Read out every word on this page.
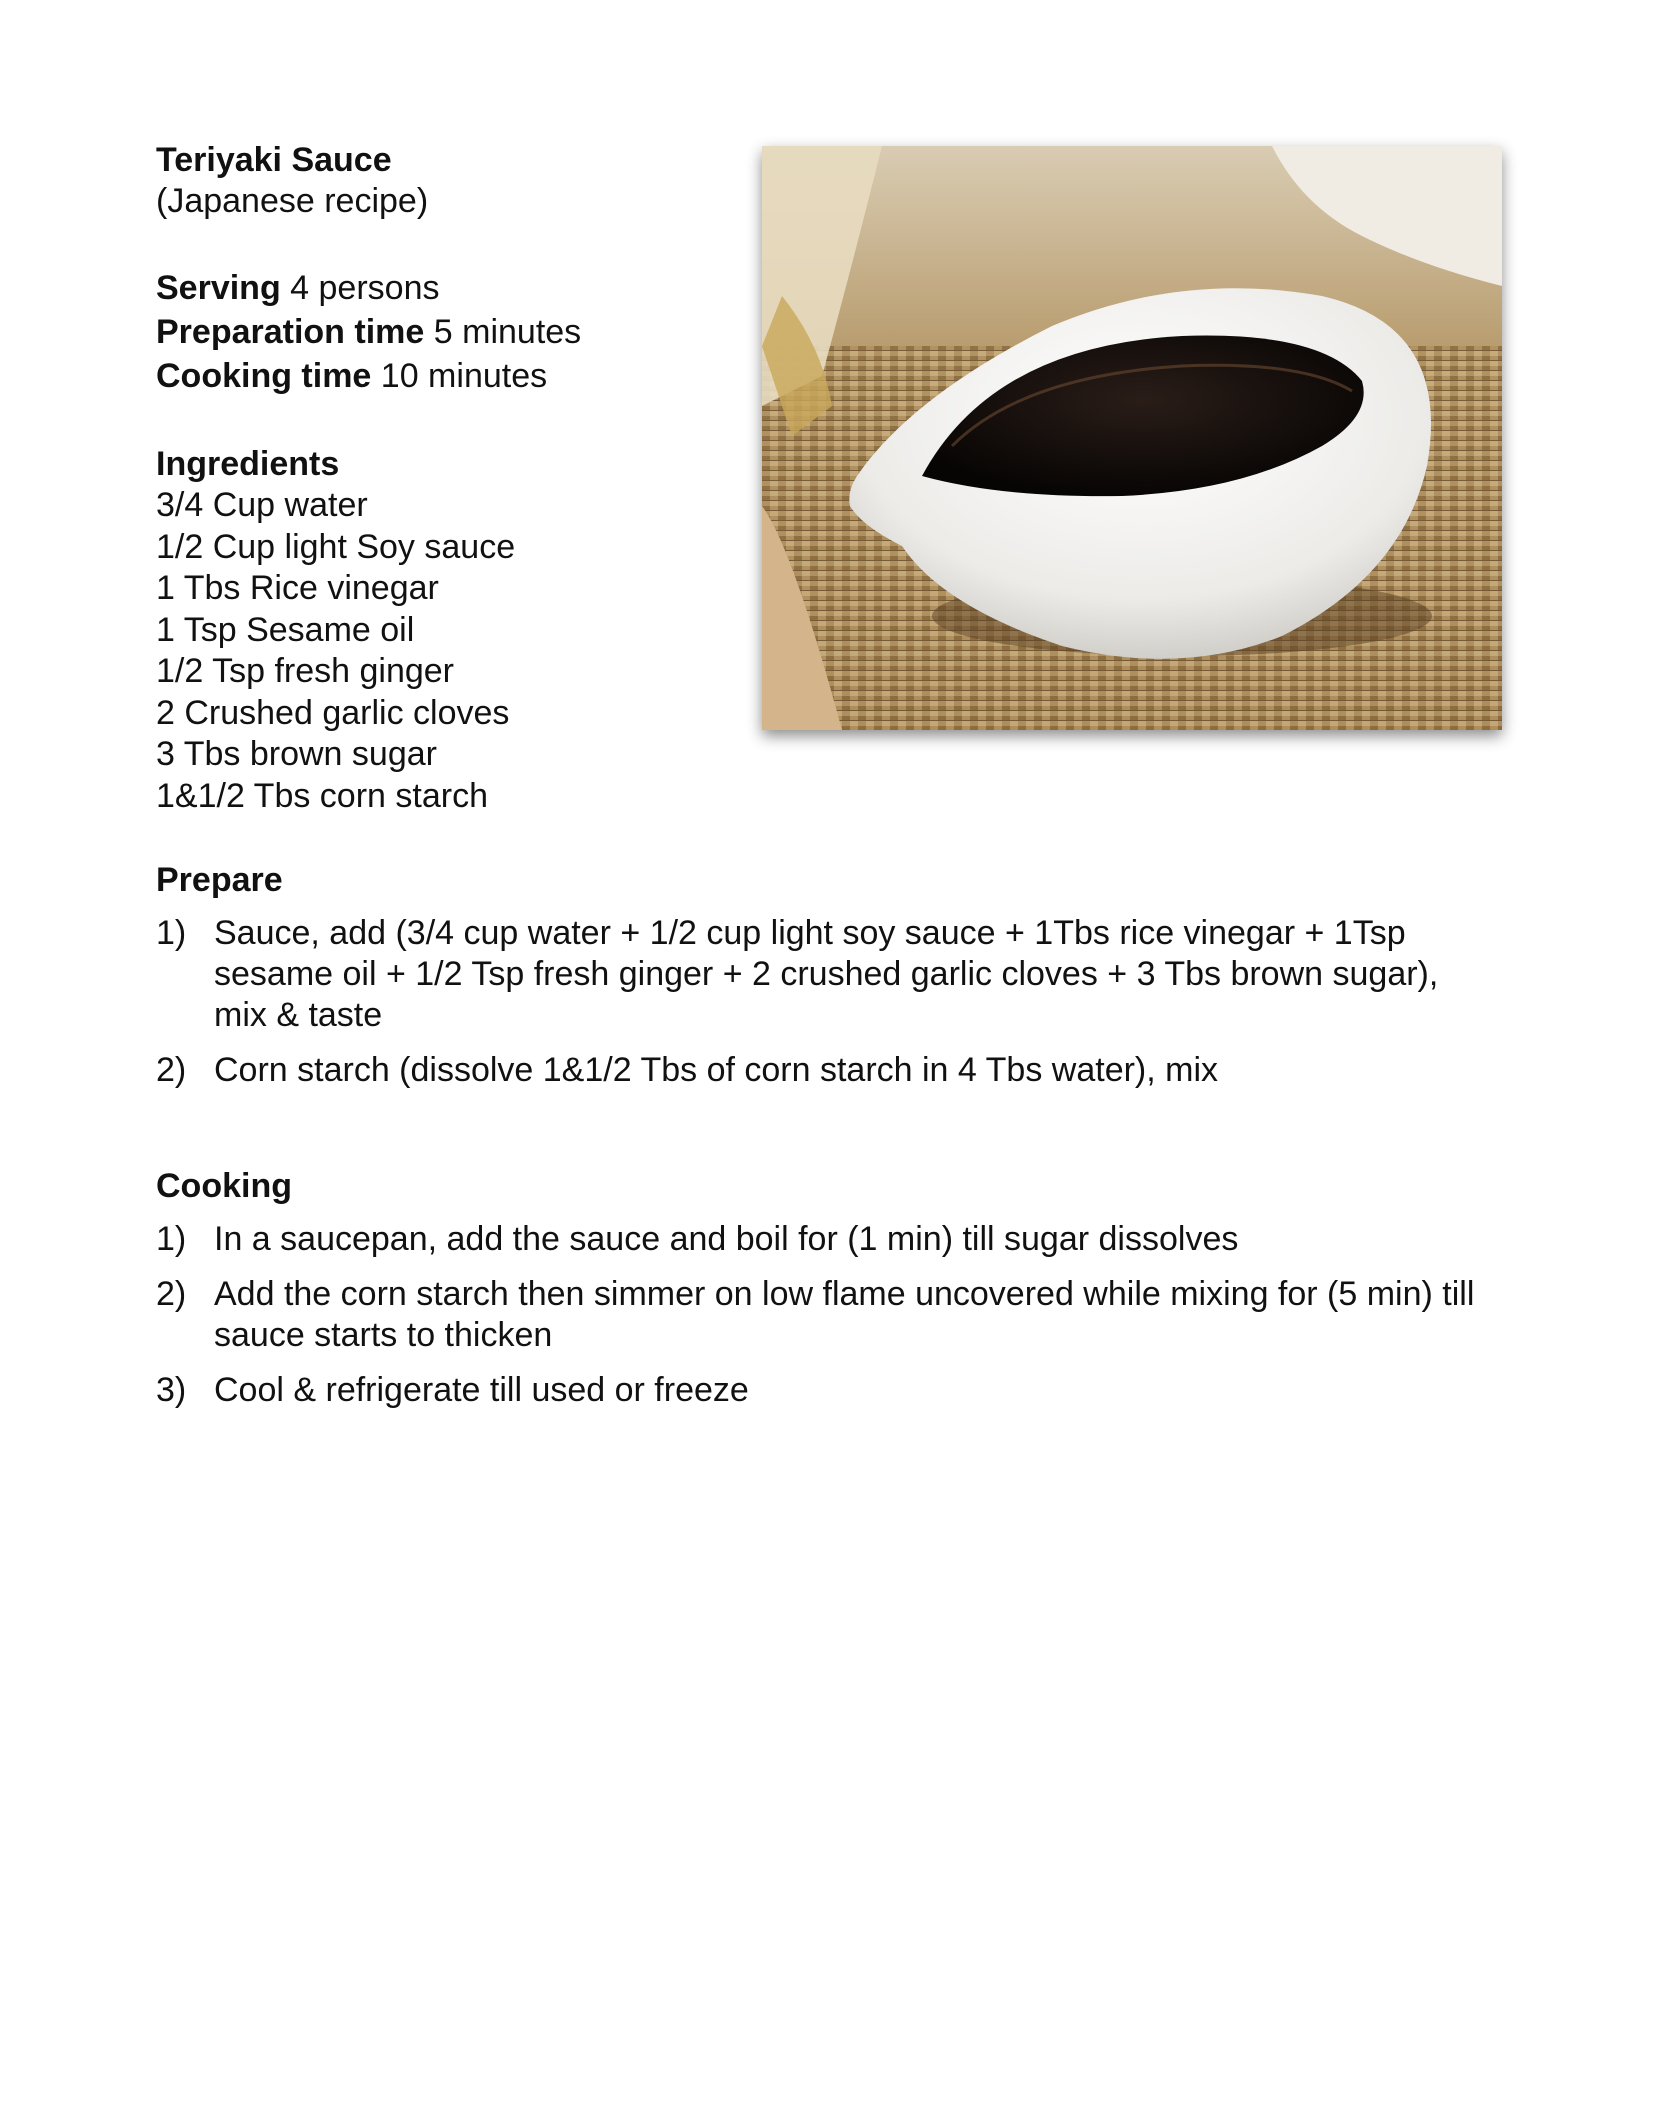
Teriyaki Sauce
(Japanese recipe)
Serving 4 persons
Preparation time 5 minutes
Cooking time 10 minutes
Ingredients
3/4 Cup water
1/2 Cup light Soy sauce
1 Tbs Rice vinegar
1 Tsp Sesame oil
1/2 Tsp fresh ginger
2 Crushed garlic cloves
3 Tbs brown sugar
1&1/2 Tbs corn starch
Prepare
1) Sauce, add (3/4 cup water + 1/2 cup light soy sauce + 1Tbs rice vinegar + 1Tsp sesame oil + 1/2 Tsp fresh ginger + 2 crushed garlic cloves + 3 Tbs brown sugar), mix & taste
2) Corn starch (dissolve 1&1/2 Tbs of corn starch in 4 Tbs water), mix
Cooking
1) In a saucepan, add the sauce and boil for (1 min) till sugar dissolves
2) Add the corn starch then simmer on low flame uncovered while mixing for (5 min) till sauce starts to thicken
3) Cool & refrigerate till used or freeze
